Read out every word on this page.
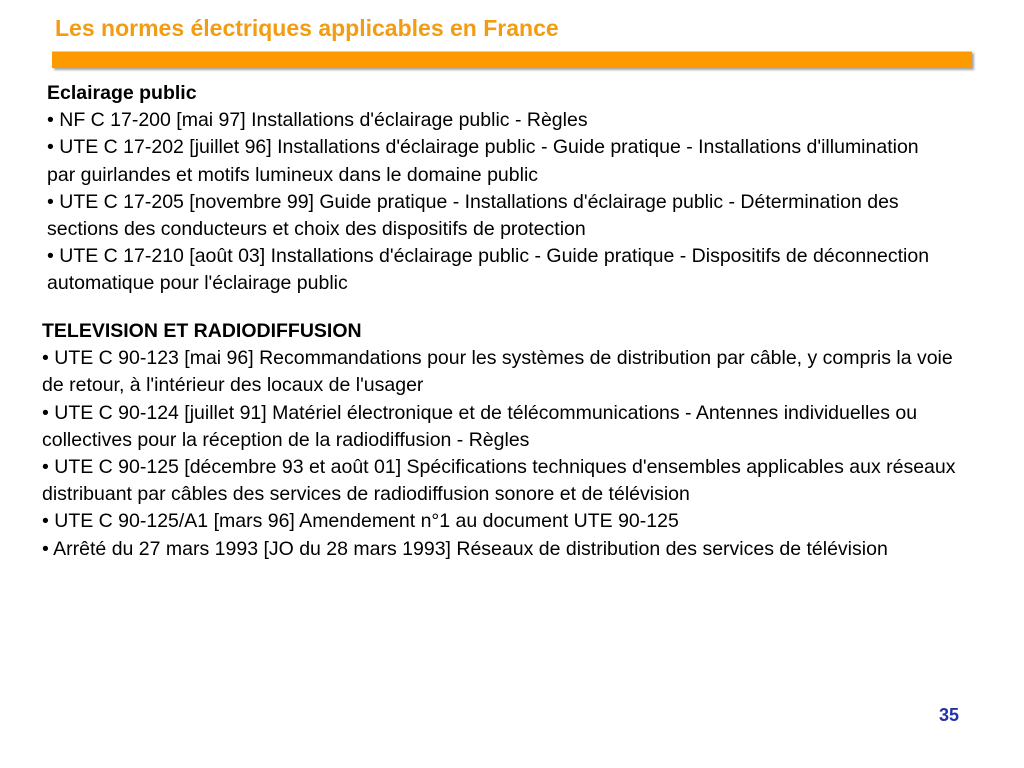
Les normes électriques applicables en France
Eclairage public

• NF C 17-200 [mai 97] Installations d'éclairage public - Règles

• UTE C 17-202 [juillet 96] Installations d'éclairage public - Guide pratique - Installations d'illumination par guirlandes et motifs lumineux dans le domaine public

• UTE C 17-205 [novembre 99] Guide pratique - Installations d'éclairage public - Détermination des sections des conducteurs et choix des dispositifs de protection

• UTE C 17-210 [août 03] Installations d'éclairage public - Guide pratique - Dispositifs de déconnection automatique pour l'éclairage public

TELEVISION ET RADIODIFFUSION

• UTE C 90-123 [mai 96] Recommandations pour les systèmes de distribution par câble, y compris la voie de retour, à l'intérieur des locaux de l'usager

• UTE C 90-124 [juillet 91] Matériel électronique et de télécommunications - Antennes individuelles ou collectives pour la réception de la radiodiffusion - Règles

• UTE C 90-125 [décembre 93 et août 01] Spécifications techniques d'ensembles applicables aux réseaux distribuant par câbles des services de radiodiffusion sonore et de télévision

• UTE C 90-125/A1 [mars 96] Amendement n°1 au document UTE 90-125

• Arrêté du 27 mars 1993 [JO du 28 mars 1993] Réseaux de distribution des services de télévision

35
